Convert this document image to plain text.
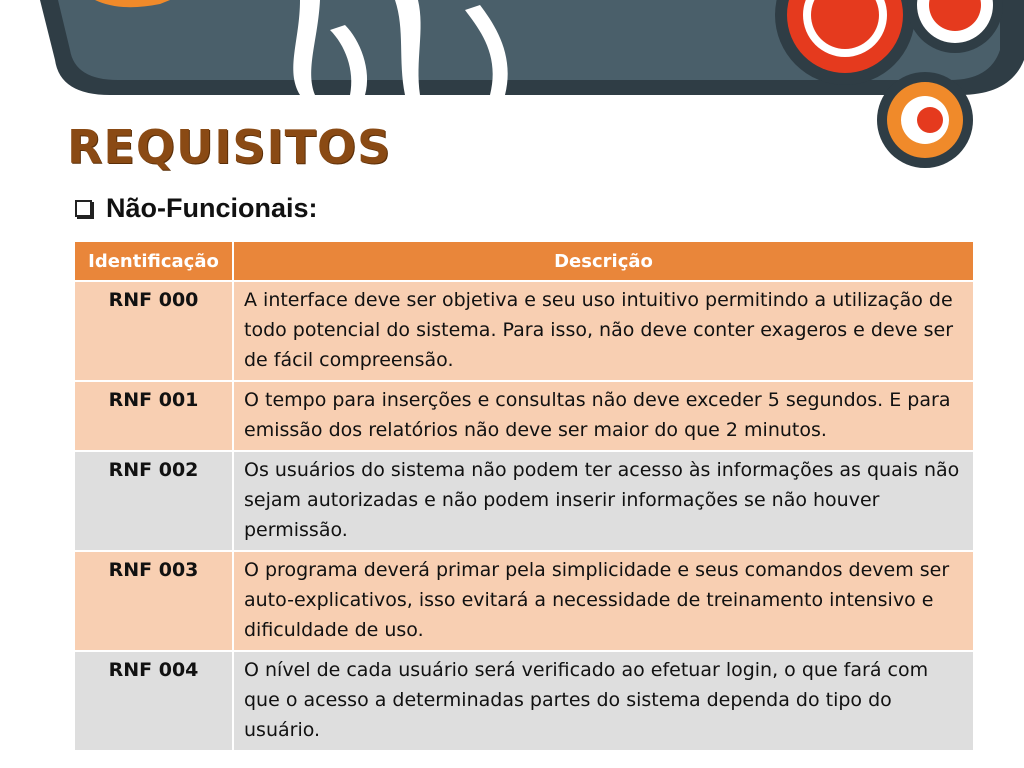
REQUISITOS
Não-Funcionais:
Identificação	Descrição
RNF 000	A interface deve ser objetiva e seu uso intuitivo permitindo a utilização de todo potencial do sistema. Para isso, não deve conter exageros e deve ser de fácil compreensão.
RNF 001	O tempo para inserções e consultas não deve exceder 5 segundos. E para emissão dos relatórios não deve ser maior do que 2 minutos.
RNF 002	Os usuários do sistema não podem ter acesso às informações as quais não sejam autorizadas e não podem inserir informações se não houver permissão.
RNF 003	O programa deverá primar pela simplicidade e seus comandos devem ser auto-explicativos, isso evitará a necessidade de treinamento intensivo e dificuldade de uso.
RNF 004	O nível de cada usuário será verificado ao efetuar login, o que fará com que o acesso a determinadas partes do sistema dependa do tipo do usuário.
